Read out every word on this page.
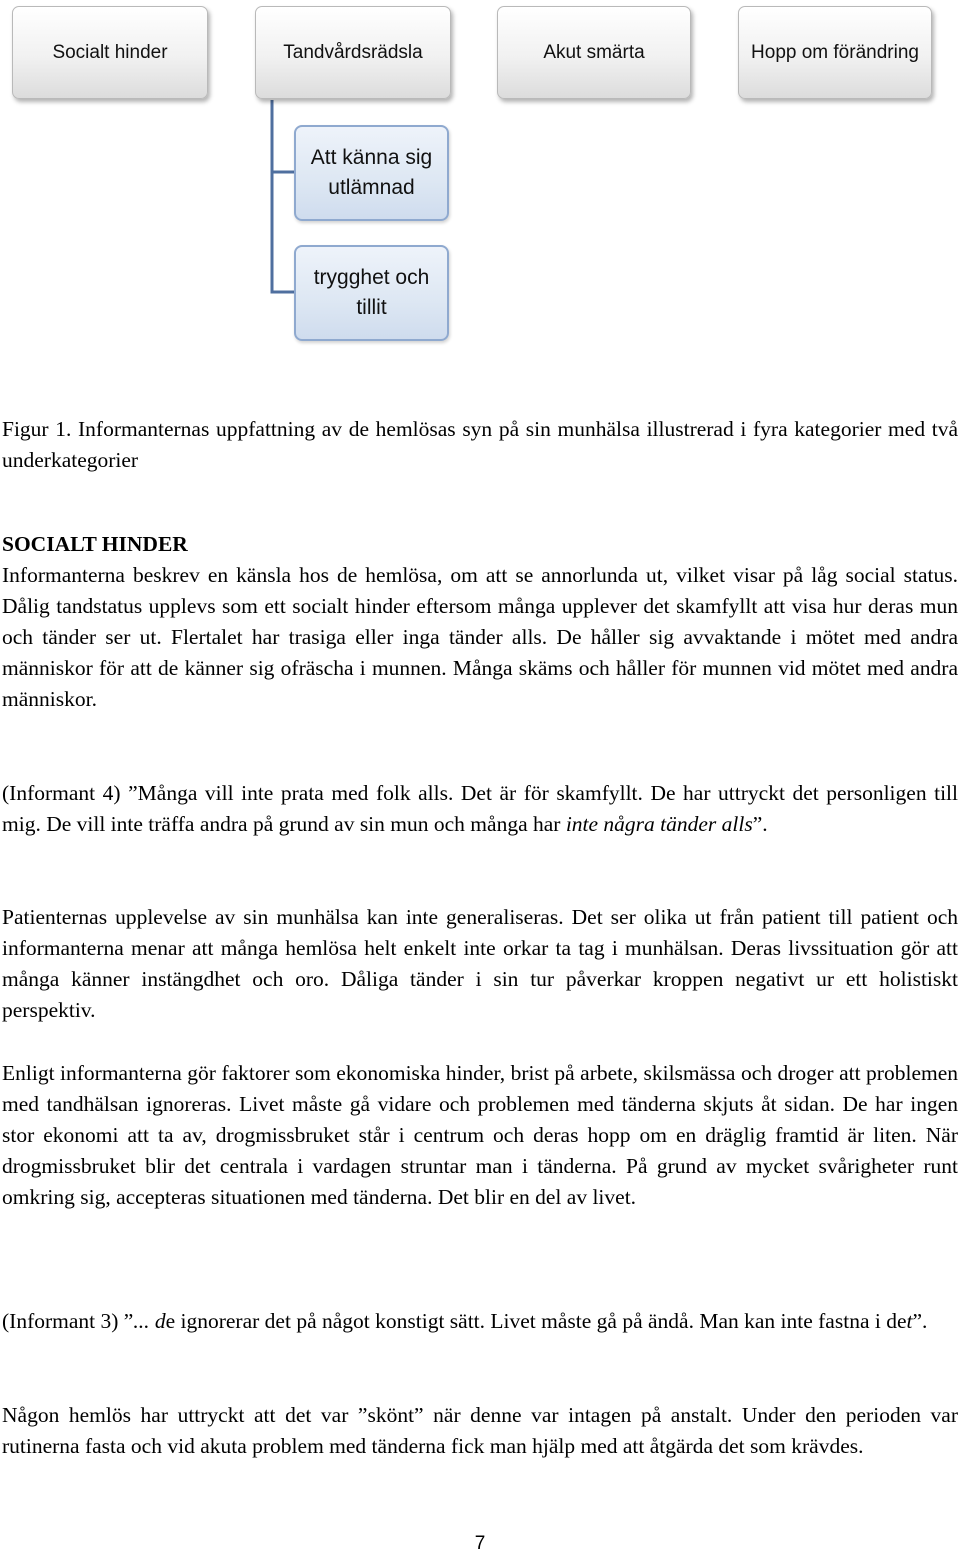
Socialt hinder	Tandvårdsrädsla	Akut smärta	Hopp om förändring
Att känna sig utlämnad
trygghet och tillit
Figur 1. Informanternas uppfattning av de hemlösas syn på sin munhälsa illustrerad i fyra kategorier med två underkategorier
SOCIALT HINDER
Informanterna beskrev en känsla hos de hemlösa, om att se annorlunda ut, vilket visar på låg social status. Dålig tandstatus upplevs som ett socialt hinder eftersom många upplever det skamfyllt att visa hur deras mun och tänder ser ut. Flertalet har trasiga eller inga tänder alls. De håller sig avvaktande i mötet med andra människor för att de känner sig ofräscha i munnen. Många skäms och håller för munnen vid mötet med andra människor.
(Informant 4) ”Många vill inte prata med folk alls. Det är för skamfyllt. De har uttryckt det personligen till mig. De vill inte träffa andra på grund av sin mun och många har inte några tänder alls”.
Patienternas upplevelse av sin munhälsa kan inte generaliseras. Det ser olika ut från patient till patient och informanterna menar att många hemlösa helt enkelt inte orkar ta tag i munhälsan. Deras livssituation gör att många känner instängdhet och oro. Dåliga tänder i sin tur påverkar kroppen negativt ur ett holistiskt perspektiv.
Enligt informanterna gör faktorer som ekonomiska hinder, brist på arbete, skilsmässa och droger att problemen med tandhälsan ignoreras. Livet måste gå vidare och problemen med tänderna skjuts åt sidan. De har ingen stor ekonomi att ta av, drogmissbruket står i centrum och deras hopp om en dräglig framtid är liten. När drogmissbruket blir det centrala i vardagen struntar man i tänderna. På grund av mycket svårigheter runt omkring sig, accepteras situationen med tänderna. Det blir en del av livet.
(Informant 3) ”... de ignorerar det på något konstigt sätt. Livet måste gå på ändå. Man kan inte fastna i det”.
Någon hemlös har uttryckt att det var ”skönt” när denne var intagen på anstalt. Under den perioden var rutinerna fasta och vid akuta problem med tänderna fick man hjälp med att åtgärda det som krävdes.
7
